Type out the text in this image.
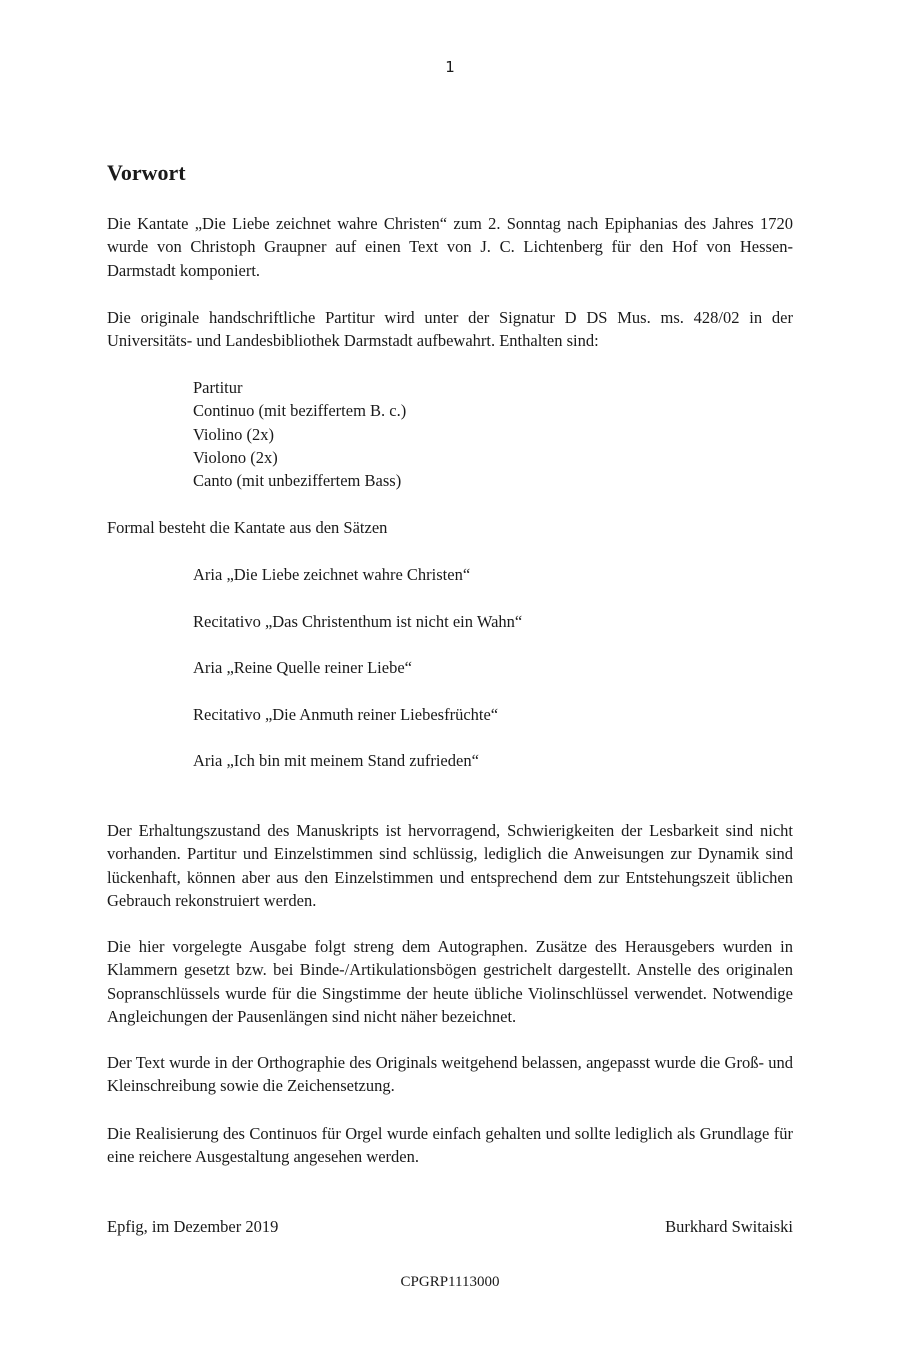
1
Vorwort

Die Kantate „Die Liebe zeichnet wahre Christen“ zum 2. Sonntag nach Epiphanias des Jahres 1720 wurde von Christoph Graupner auf einen Text von J. C. Lichtenberg für den Hof von Hessen-Darmstadt komponiert.

Die originale handschriftliche Partitur wird unter der Signatur D DS Mus. ms. 428/02 in der Universitäts- und Landesbibliothek Darmstadt aufbewahrt. Enthalten sind:

Partitur
Continuo (mit beziffertem B. c.)
Violino (2x)
Violono (2x)
Canto (mit unbeziffertem Bass)

Formal besteht die Kantate aus den Sätzen

Aria „Die Liebe zeichnet wahre Christen“
Recitativo „Das Christenthum ist nicht ein Wahn“
Aria „Reine Quelle reiner Liebe“
Recitativo „Die Anmuth reiner Liebesfrüchte“
Aria „Ich bin mit meinem Stand zufrieden“

Der Erhaltungszustand des Manuskripts ist hervorragend, Schwierigkeiten der Lesbarkeit sind nicht vorhanden. Partitur und Einzelstimmen sind schlüssig, lediglich die Anweisungen zur Dynamik sind lückenhaft, können aber aus den Einzelstimmen und entsprechend dem zur Entstehungszeit üblichen Gebrauch rekonstruiert werden.

Die hier vorgelegte Ausgabe folgt streng dem Autographen. Zusätze des Herausgebers wurden in Klammern gesetzt bzw. bei Binde-/Artikulationsbögen gestrichelt dargestellt. Anstelle des originalen Sopranschlüssels wurde für die Singstimme der heute übliche Violinschlüssel verwendet. Notwendige Angleichungen der Pausenlängen sind nicht näher bezeichnet.

Der Text wurde in der Orthographie des Originals weitgehend belassen, angepasst wurde die Groß- und Kleinschreibung sowie die Zeichensetzung.

Die Realisierung des Continuos für Orgel wurde einfach gehalten und sollte lediglich als Grundlage für eine reichere Ausgestaltung angesehen werden.

Epfig, im Dezember 2019	Burkhard Switaiski
CPGRP1113000
